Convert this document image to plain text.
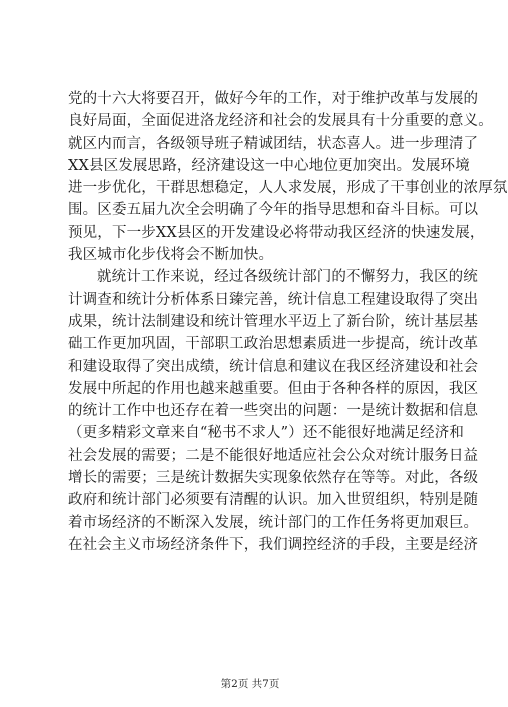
党的十六大将要召开，做好今年的工作，对于维护改革与发展的
良好局面，全面促进洛龙经济和社会的发展具有十分重要的意义。
就区内而言，各级领导班子精诚团结，状态喜人。进一步理清了
XX县区发展思路，经济建设这一中心地位更加突出。发展环境
进一步优化，干群思想稳定，人人求发展，形成了干事创业的浓厚氛
围。区委五届九次全会明确了今年的指导思想和奋斗目标。可以
预见，下一步XX县区的开发建设必将带动我区经济的快速发展，
我区城市化步伐将会不断加快。
就统计工作来说，经过各级统计部门的不懈努力，我区的统
计调查和统计分析体系日臻完善，统计信息工程建设取得了突出
成果，统计法制建设和统计管理水平迈上了新台阶，统计基层基
础工作更加巩固，干部职工政治思想素质进一步提高，统计改革
和建设取得了突出成绩，统计信息和建议在我区经济建设和社会
发展中所起的作用也越来越重要。但由于各种各样的原因，我区
的统计工作中也还存在着一些突出的问题：一是统计数据和信息
（更多精彩文章来自“秘书不求人”）还不能很好地满足经济和
社会发展的需要；二是不能很好地适应社会公众对统计服务日益
增长的需要；三是统计数据失实现象依然存在等等。对此，各级
政府和统计部门必须要有清醒的认识。加入世贸组织，特别是随
着市场经济的不断深入发展，统计部门的工作任务将更加艰巨。
在社会主义市场经济条件下，我们调控经济的手段，主要是经济
第2页 共7页
